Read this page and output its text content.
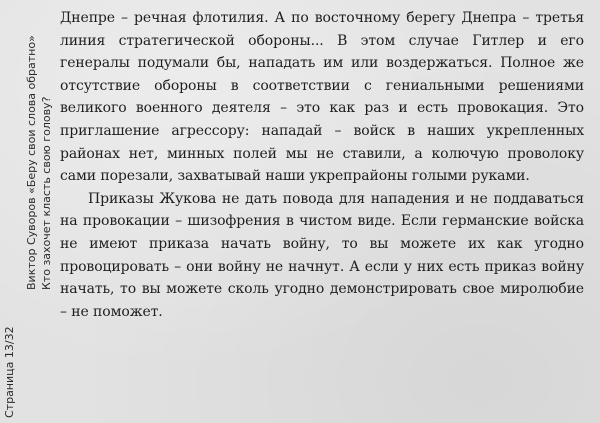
Страница 13/32
Виктор Суворов «Беру свои слова обратно» Кто захочет класть свою голову?

Днепре – речная флотилия. А по восточному берегу Днепра – третья линия стратегической обороны... В этом случае Гитлер и его генералы подумали бы, нападать им или воздержаться. Полное же отсутствие обороны в соответствии с гениальными решениями великого военного деятеля – это как раз и есть провокация. Это приглашение агрессору: нападай – войск в наших укрепленных районах нет, минных полей мы не ставили, а колючую проволоку сами порезали, захватывай наши укрепрайоны голыми руками.

Приказы Жукова не дать повода для нападения и не поддаваться на провокации – шизофрения в чистом виде. Если германские войска не имеют приказа начать войну, то вы можете их как угодно провоцировать – они войну не начнут. А если у них есть приказ войну начать, то вы можете сколь угодно демонстрировать свое миролюбие – не поможет.
